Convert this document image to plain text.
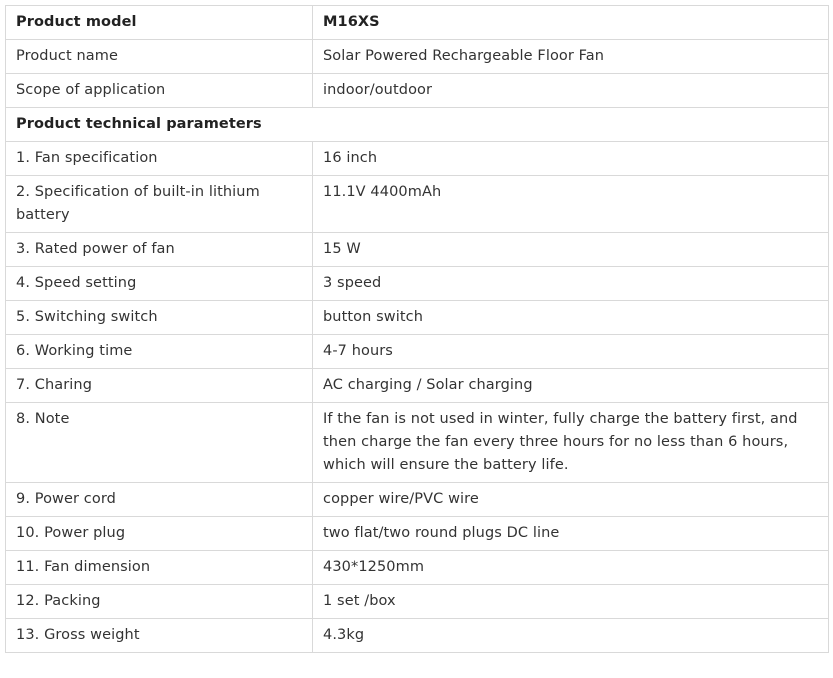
Product model	M16XS
Product name	Solar Powered Rechargeable Floor Fan
Scope of application	indoor/outdoor
Product technical parameters	
1. Fan specification	16 inch
2. Specification of built-in lithium battery	11.1V 4400mAh
3. Rated power of fan	15 W
4. Speed setting	3 speed
5. Switching switch	button switch
6. Working time	4-7 hours
7. Charing	AC charging / Solar charging
8. Note	If the fan is not used in winter, fully charge the battery first, and then charge the fan every three hours for no less than 6 hours, which will ensure the battery life.
9. Power cord	copper wire/PVC wire
10. Power plug	two flat/two round plugs DC line
11. Fan dimension	430*1250mm
12. Packing	1 set /box
13. Gross weight	4.3kg
